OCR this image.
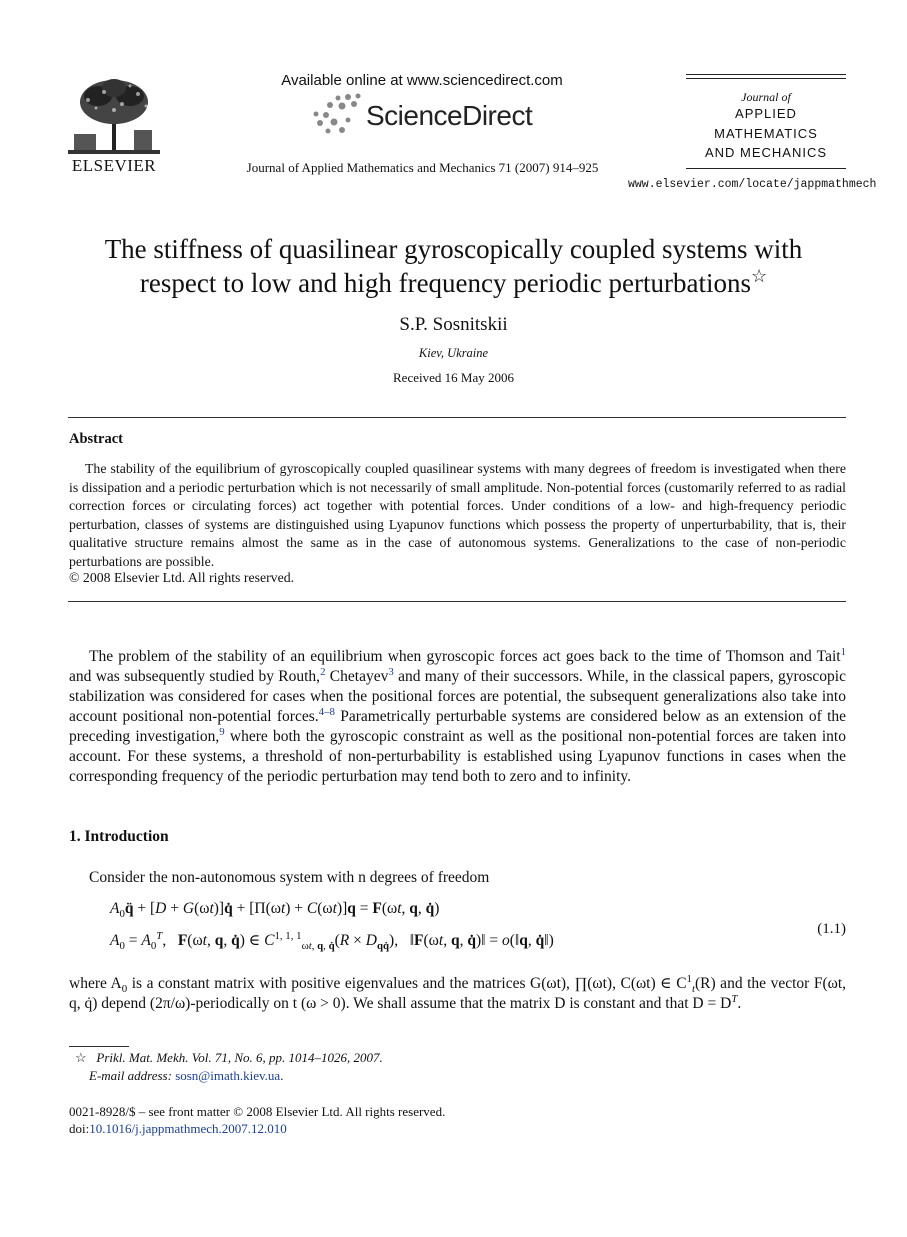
ELSEVIER
Available online at www.sciencedirect.com
ScienceDirect
Journal of Applied Mathematics and Mechanics 71 (2007) 914–925
Journal of
APPLIED
MATHEMATICS
AND MECHANICS
www.elsevier.com/locate/jappmathmech
The stiffness of quasilinear gyroscopically coupled systems with
respect to low and high frequency periodic perturbations☆
S.P. Sosnitskii
Kiev, Ukraine
Received 16 May 2006
Abstract

The stability of the equilibrium of gyroscopically coupled quasilinear systems with many degrees of freedom is investigated when there is dissipation and a periodic perturbation which is not necessarily of small amplitude. Non-potential forces (customarily referred to as radial correction forces or circulating forces) act together with potential forces. Under conditions of a low- and high-frequency periodic perturbation, classes of systems are distinguished using Lyapunov functions which possess the property of unperturbability, that is, their qualitative structure remains almost the same as in the case of autonomous systems. Generalizations to the case of non-periodic perturbations are possible.

© 2008 Elsevier Ltd. All rights reserved.

The problem of the stability of an equilibrium when gyroscopic forces act goes back to the time of Thomson and Tait$^1$ and was subsequently studied by Routh,$^2$ Chetayev$^3$ and many of their successors. While, in the classical papers, gyroscopic stabilization was considered for cases when the positional forces are potential, the subsequent generalizations also take into account positional non-potential forces.$^{4-8}$ Parametrically perturbable systems are considered below as an extension of the preceding investigation,$^9$ where both the gyroscopic constraint as well as the positional non-potential forces are taken into account. For these systems, a threshold of non-perturbability is established using Lyapunov functions in cases when the corresponding frequency of the periodic perturbation may tend both to zero and to infinity.

1. Introduction
Consider the non-autonomous system with n degrees of freedom
$A_0q̈ + [D$ + G(ωt)]q̇ + [Π(ωt) + C(ωt)]q = F(ωt, q, q̇)
$A_0 = A_0^T$,   F(ωt, q, q̇) ∈ $C^{1, 1, 1}_{\omega t, q, q̇}(R \times D_{qq̇})$,   ‖F(ωt, q, q̇)‖ = o(‖q, q̇‖)
(1.1)

where $A_0$ is a constant matrix with positive eigenvalues and the matrices G(ωt), ∏(ωt), C(ωt) ∈ $C^1_t(R)$ and the vector F(ωt, q, q̇) depend (2π/ω)-periodically on t (ω > 0). We shall assume that the matrix D is constant and that $D = D^T$.

☆ Prikl. Mat. Mekh. Vol. 71, No. 6, pp. 1014–1026, 2007.
E-mail address: sosn@imath.kiev.ua.
0021-8928/$ – see front matter © 2008 Elsevier Ltd. All rights reserved.
doi:10.1016/j.jappmathmech.2007.12.010
